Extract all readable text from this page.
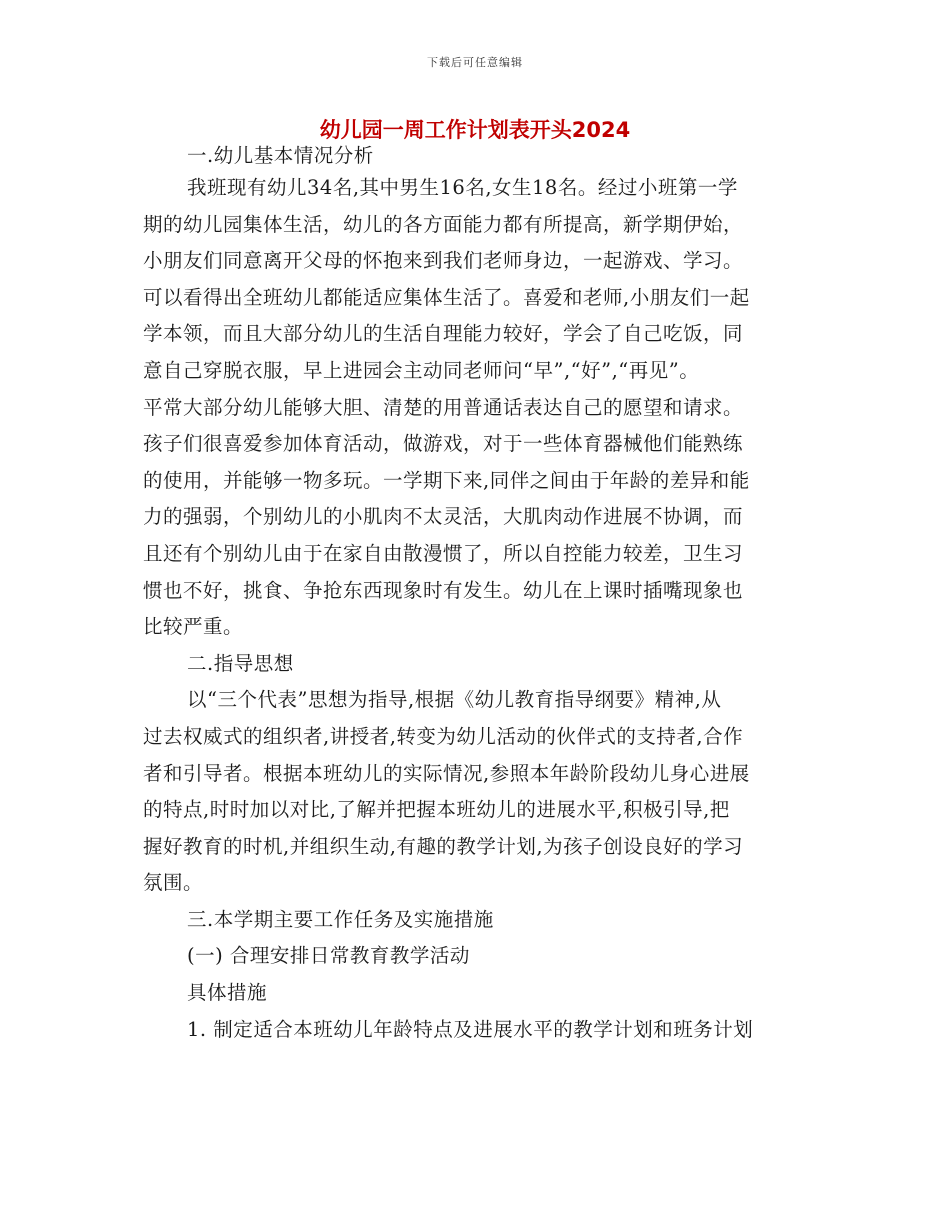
下载后可任意编辑
幼儿园一周工作计划表开头2024
一.幼儿基本情况分析
我班现有幼儿34名,其中男生16名,女生18名。经过小班第一学
期的幼儿园集体生活，幼儿的各方面能力都有所提高，新学期伊始，
小朋友们同意离开父母的怀抱来到我们老师身边，一起游戏、学习。
可以看得出全班幼儿都能适应集体生活了。喜爱和老师,小朋友们一起
学本领，而且大部分幼儿的生活自理能力较好，学会了自己吃饭，同
意自己穿脱衣服，早上进园会主动同老师问“早”,“好”,“再见”。
平常大部分幼儿能够大胆、清楚的用普通话表达自己的愿望和请求。
孩子们很喜爱参加体育活动，做游戏，对于一些体育器械他们能熟练
的使用，并能够一物多玩。一学期下来,同伴之间由于年龄的差异和能
力的强弱，个别幼儿的小肌肉不太灵活，大肌肉动作进展不协调，而
且还有个别幼儿由于在家自由散漫惯了，所以自控能力较差，卫生习
惯也不好，挑食、争抢东西现象时有发生。幼儿在上课时插嘴现象也
比较严重。
二.指导思想
以“三个代表”思想为指导,根据《幼儿教育指导纲要》精神,从
过去权威式的组织者,讲授者,转变为幼儿活动的伙伴式的支持者,合作
者和引导者。根据本班幼儿的实际情况,参照本年龄阶段幼儿身心进展
的特点,时时加以对比,了解并把握本班幼儿的进展水平,积极引导,把
握好教育的时机,并组织生动,有趣的教学计划,为孩子创设良好的学习
氛围。
三.本学期主要工作任务及实施措施
(一) 合理安排日常教育教学活动
具体措施
1. 制定适合本班幼儿年龄特点及进展水平的教学计划和班务计划
